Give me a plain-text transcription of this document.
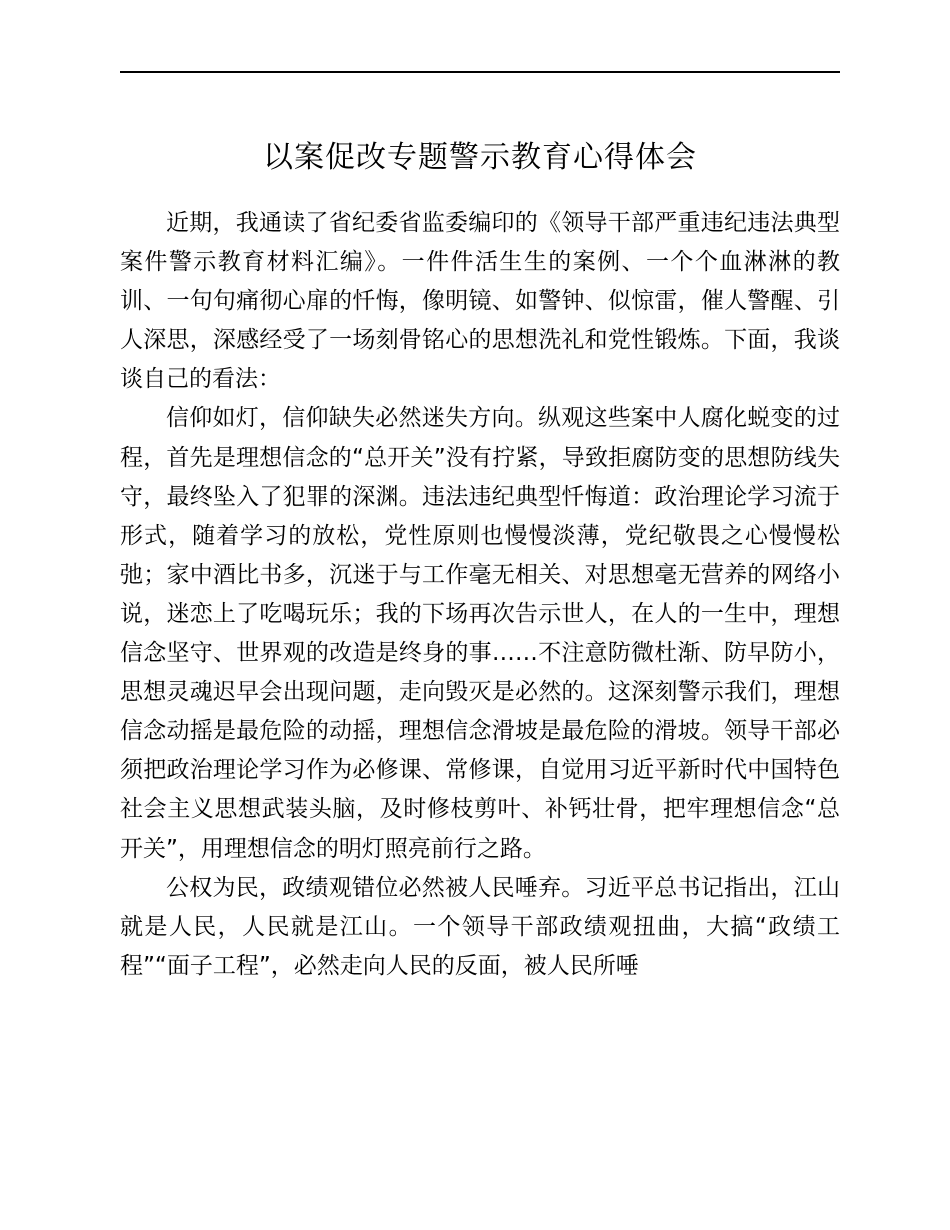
以案促改专题警示教育心得体会

近期，我通读了省纪委省监委编印的《领导干部严重违纪违法典型案件警示教育材料汇编》。一件件活生生的案例、一个个血淋淋的教训、一句句痛彻心扉的忏悔，像明镜、如警钟、似惊雷，催人警醒、引人深思，深感经受了一场刻骨铭心的思想洗礼和党性锻炼。下面，我谈谈自己的看法：

信仰如灯，信仰缺失必然迷失方向。纵观这些案中人腐化蜕变的过程，首先是理想信念的“总开关”没有拧紧，导致拒腐防变的思想防线失守，最终坠入了犯罪的深渊。违法违纪典型忏悔道：政治理论学习流于形式，随着学习的放松，党性原则也慢慢淡薄，党纪敬畏之心慢慢松弛；家中酒比书多，沉迷于与工作毫无相关、对思想毫无营养的网络小说，迷恋上了吃喝玩乐；我的下场再次告示世人，在人的一生中，理想信念坚守、世界观的改造是终身的事……不注意防微杜渐、防早防小，思想灵魂迟早会出现问题，走向毁灭是必然的。这深刻警示我们，理想信念动摇是最危险的动摇，理想信念滑坡是最危险的滑坡。领导干部必须把政治理论学习作为必修课、常修课，自觉用习近平新时代中国特色社会主义思想武装头脑，及时修枝剪叶、补钙壮骨，把牢理想信念“总开关”，用理想信念的明灯照亮前行之路。

公权为民，政绩观错位必然被人民唾弃。习近平总书记指出，江山就是人民，人民就是江山。一个领导干部政绩观扭曲，大搞“政绩工程”“面子工程”，必然走向人民的反面，被人民所唾
